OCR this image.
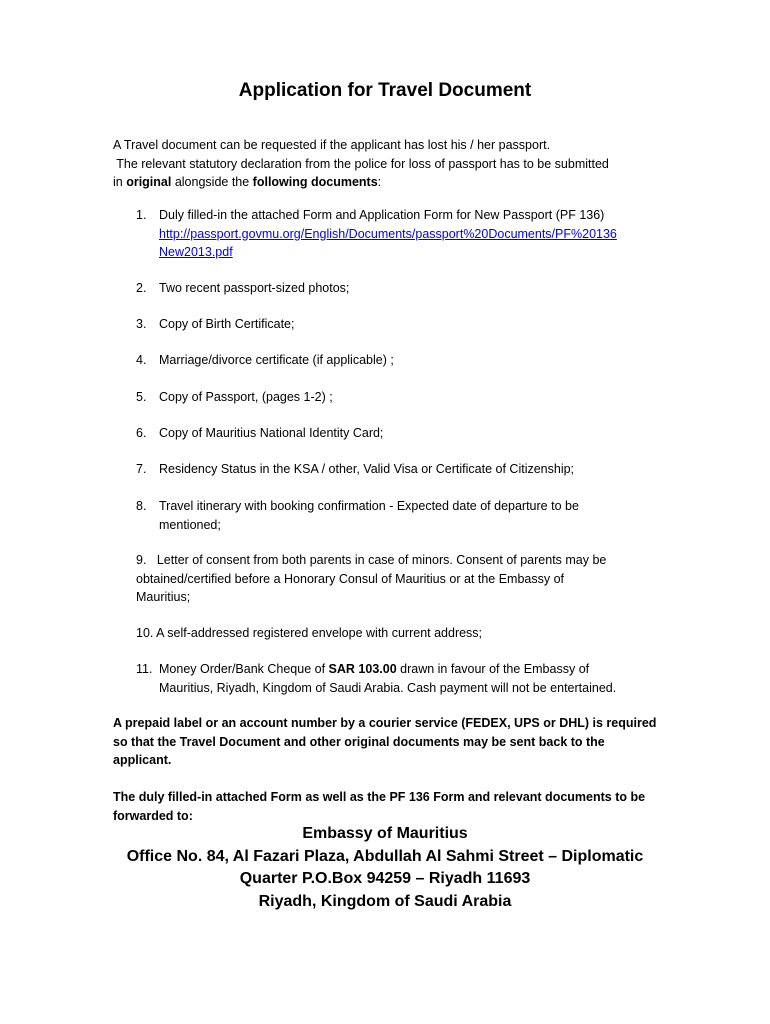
Application for Travel Document

A Travel document can be requested if the applicant has lost his / her passport.

The relevant statutory declaration from the police for loss of passport has to be submitted

in original alongside the following documents:

1. Duly filled-in the attached Form and Application Form for New Passport (PF 136)

http://passport.govmu.org/English/Documents/passport%20Documents/PF%20136

New2013.pdf

2. Two recent passport-sized photos;

3. Copy of Birth Certificate;

4. Marriage/divorce certificate (if applicable) ;

5. Copy of Passport, (pages 1-2) ;

6. Copy of Mauritius National Identity Card;

7. Residency Status in the KSA / other, Valid Visa or Certificate of Citizenship;

8. Travel itinerary with booking confirmation - Expected date of departure to be

mentioned;

9.   Letter of consent from both parents in case of minors. Consent of parents may be

obtained/certified before a Honorary Consul of Mauritius or at the Embassy of

Mauritius;

10. A self-addressed registered envelope with current address;

11. Money Order/Bank Cheque of SAR 103.00 drawn in favour of the Embassy of

Mauritius, Riyadh, Kingdom of Saudi Arabia. Cash payment will not be entertained.

A prepaid label or an account number by a courier service (FEDEX, UPS or DHL) is required

so that the Travel Document and other original documents may be sent back to the

applicant.

The duly filled-in attached Form as well as the PF 136 Form and relevant documents to be

forwarded to:

Embassy of Mauritius

Office No. 84, Al Fazari Plaza, Abdullah Al Sahmi Street – Diplomatic

Quarter P.O.Box 94259 – Riyadh 11693

Riyadh, Kingdom of Saudi Arabia
